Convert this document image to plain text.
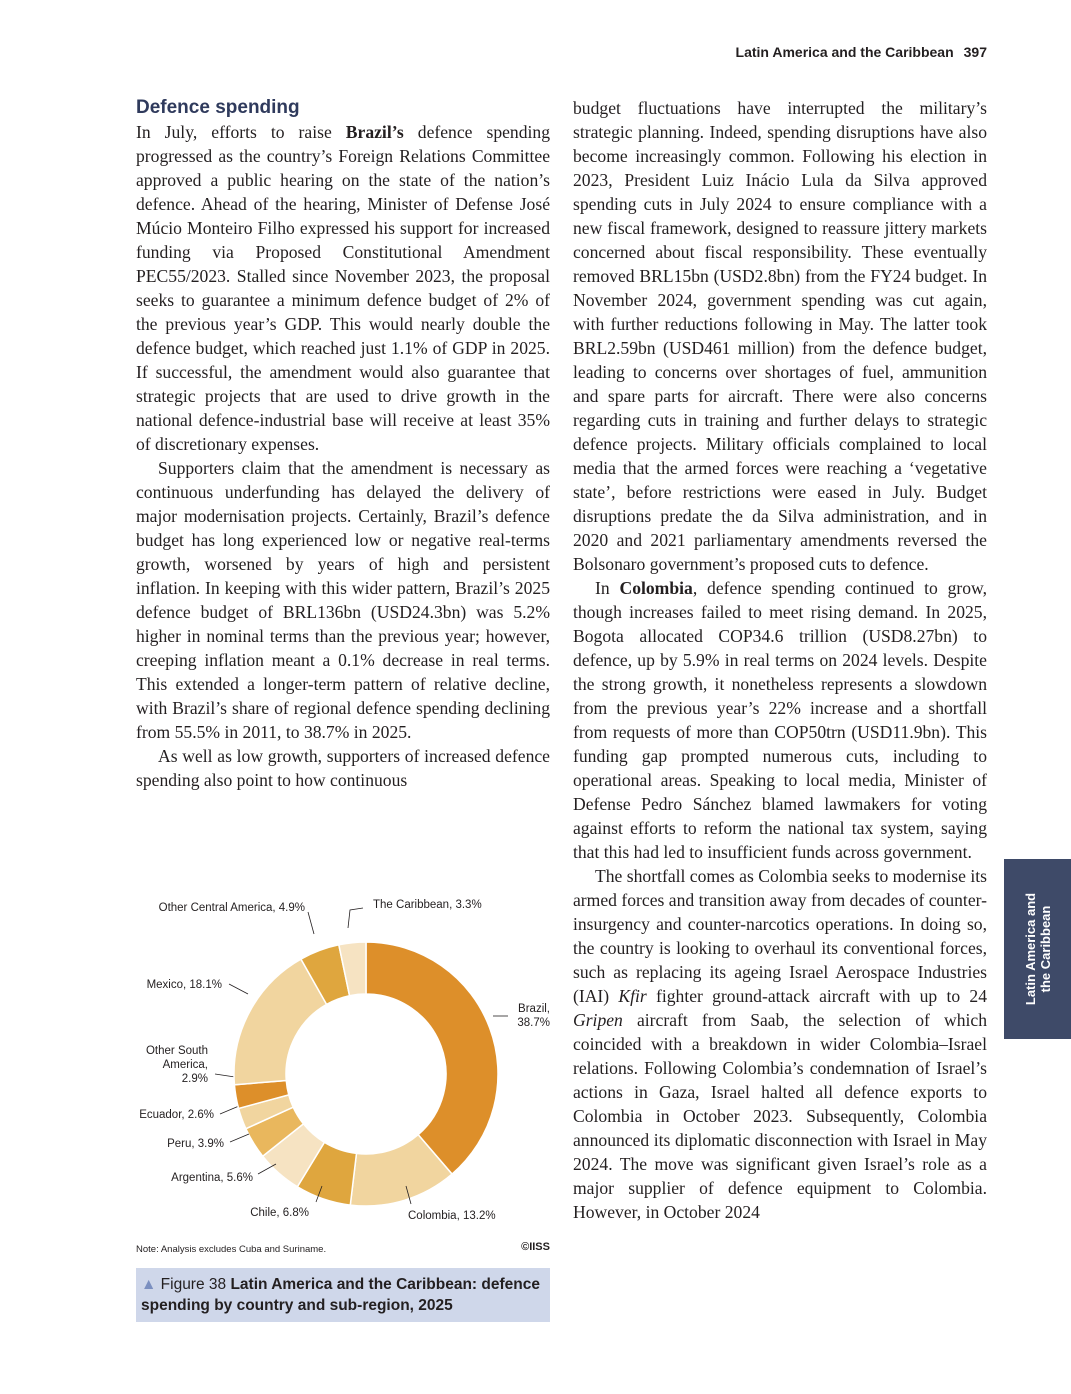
Latin America and the Caribbean 397
Defence spending

In July, efforts to raise Brazil’s defence spending progressed as the country’s Foreign Relations Committee approved a public hearing on the state of the nation’s defence. Ahead of the hearing, Minister of Defense José Múcio Monteiro Filho expressed his support for increased funding via Proposed Constitutional Amendment PEC55/2023. Stalled since November 2023, the proposal seeks to guarantee a minimum defence budget of 2% of the previous year’s GDP. This would nearly double the defence budget, which reached just 1.1% of GDP in 2025. If successful, the amendment would also guarantee that strategic projects that are used to drive growth in the national defence-industrial base will receive at least 35% of discretionary expenses.

Supporters claim that the amendment is necessary as continuous underfunding has delayed the delivery of major modernisation projects. Certainly, Brazil’s defence budget has long experienced low or negative real-terms growth, worsened by years of high and persistent inflation. In keeping with this wider pattern, Brazil’s 2025 defence budget of BRL136bn (USD24.3bn) was 5.2% higher in nominal terms than the previous year; however, creeping inflation meant a 0.1% decrease in real terms. This extended a longer-term pattern of relative decline, with Brazil’s share of regional defence spending declining from 55.5% in 2011, to 38.7% in 2025.

As well as low growth, supporters of increased defence spending also point to how continuous

budget fluctuations have interrupted the military’s strategic planning. Indeed, spending disruptions have also become increasingly common. Following his election in 2023, President Luiz Inácio Lula da Silva approved spending cuts in July 2024 to ensure compliance with a new fiscal framework, designed to reassure jittery markets concerned about fiscal responsibility. These eventually removed BRL15bn (USD2.8bn) from the FY24 budget. In November 2024, government spending was cut again, with further reductions following in May. The latter took BRL2.59bn (USD461 million) from the defence budget, leading to concerns over shortages of fuel, ammunition and spare parts for aircraft. There were also concerns regarding cuts in training and further delays to strategic defence projects. Military officials complained to local media that the armed forces were reaching a ‘vegetative state’, before restrictions were eased in July. Budget disruptions predate the da Silva administration, and in 2020 and 2021 parliamentary amendments reversed the Bolsonaro government’s proposed cuts to defence.

In Colombia, defence spending continued to grow, though increases failed to meet rising demand. In 2025, Bogota allocated COP34.6 trillion (USD8.27bn) to defence, up by 5.9% in real terms on 2024 levels. Despite the strong growth, it nonetheless represents a slowdown from the previous year’s 22% increase and a shortfall from requests of more than COP50trn (USD11.9bn). This funding gap prompted numerous cuts, including to operational areas. Speaking to local media, Minister of Defense Pedro Sánchez blamed lawmakers for voting against efforts to reform the national tax system, saying that this had led to insufficient funds across government.

The shortfall comes as Colombia seeks to modernise its armed forces and transition away from decades of counter-insurgency and counter-narcotics operations. In doing so, the country is looking to overhaul its conventional forces, such as replacing its ageing Israel Aerospace Industries (IAI) Kfir fighter ground-attack aircraft with up to 24 Gripen aircraft from Saab, the selection of which coincided with a breakdown in wider Colombia–Israel relations. Following Colombia’s condemnation of Israel’s actions in Gaza, Israel halted all defence exports to Colombia in October 2023. Subsequently, Colombia announced its diplomatic disconnection with Israel in May 2024. The move was significant given Israel’s role as a major supplier of defence equipment to Colombia. However, in October 2024

Latin America and the Caribbean
Brazil, 38.7%
Colombia, 13.2%
Chile, 6.8%
Argentina, 5.6%
Peru, 3.9%
Ecuador, 2.6%
Other South America, 2.9%
Mexico, 18.1%
Other Central America, 4.9%	The Caribbean, 3.3%
Note: Analysis excludes Cuba and Suriname.	©IISS
▲ Figure 38 Latin America and the Caribbean: defence spending by country and sub-region, 2025
